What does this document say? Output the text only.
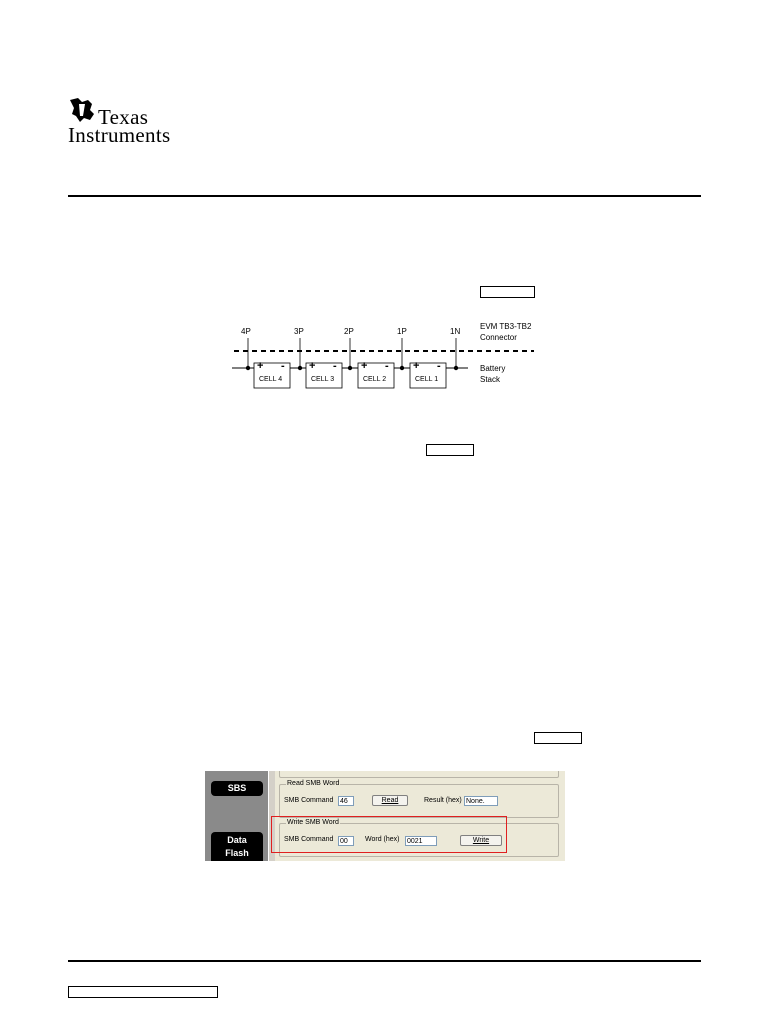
Texas
Instruments
4P	3P	2P	1P	1N
+ - + - + - + -
CELL 4	CELL 3	CELL 2	CELL 1
EVM TB3-TB2
Connector
Battery
Stack
SBS
Data
Flash
Read SMB Word
SMB Command 46	Read	Result (hex) None.
Write SMB Word
SMB Command 00	Word (hex) 0021	Write
